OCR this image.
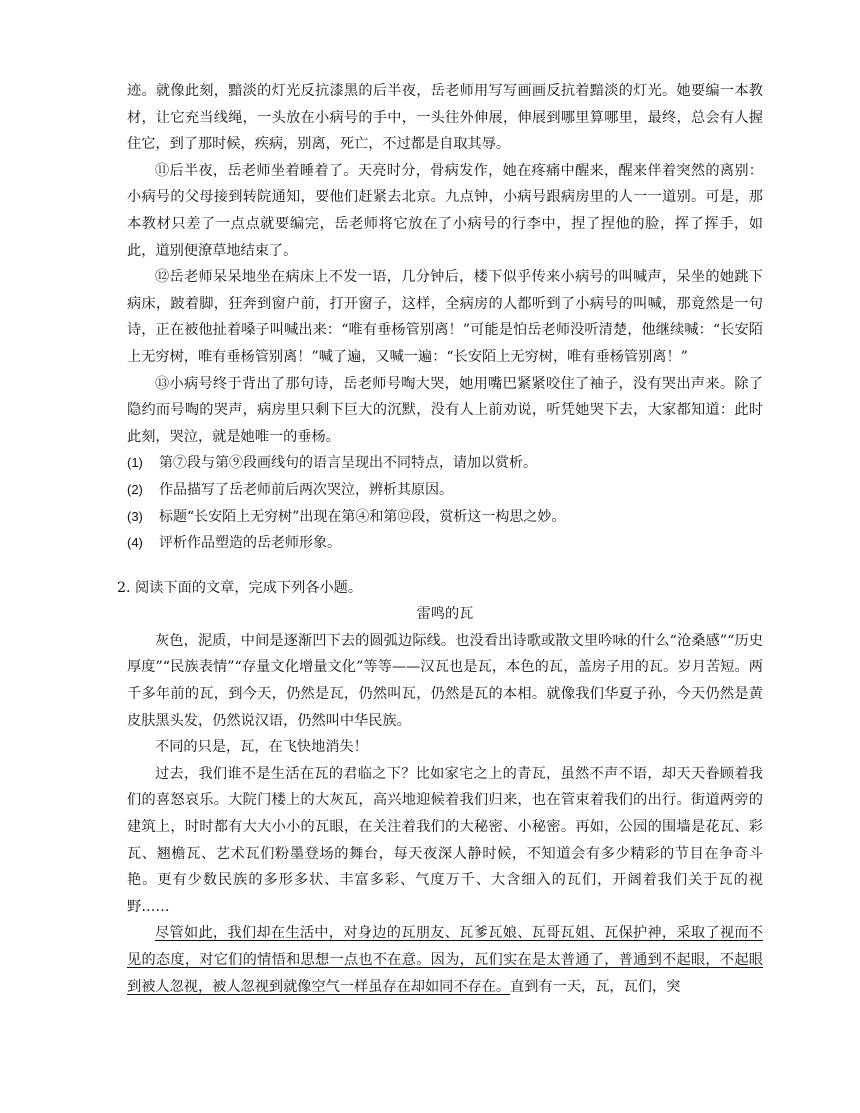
迹。就像此刻，黯淡的灯光反抗漆黑的后半夜，岳老师用写写画画反抗着黯淡的灯光。她要编一本教材，让它充当线绳，一头放在小病号的手中，一头往外伸展，伸展到哪里算哪里，最终，总会有人握住它，到了那时候，疾病，别离，死亡，不过都是自取其辱。

⑪后半夜，岳老师坐着睡着了。天亮时分，骨病发作，她在疼痛中醒来，醒来伴着突然的离别：小病号的父母接到转院通知，要他们赶紧去北京。九点钟，小病号跟病房里的人一一道别。可是，那本教材只差了一点点就要编完，岳老师将它放在了小病号的行李中，捏了捏他的脸，挥了挥手，如此，道别便潦草地结束了。

⑫岳老师呆呆地坐在病床上不发一语，几分钟后，楼下似乎传来小病号的叫喊声，呆坐的她跳下病床，跛着脚，狂奔到窗户前，打开窗子，这样，全病房的人都听到了小病号的叫喊，那竟然是一句诗，正在被他扯着嗓子叫喊出来：“唯有垂杨管别离！”可能是怕岳老师没听清楚，他继续喊：“长安陌上无穷树，唯有垂杨管别离！”喊了遍，又喊一遍：“长安陌上无穷树，唯有垂杨管别离！”

⑬小病号终于背出了那句诗，岳老师号啕大哭，她用嘴巴紧紧咬住了袖子，没有哭出声来。除了隐约而号啕的哭声，病房里只剩下巨大的沉默，没有人上前劝说，听凭她哭下去，大家都知道：此时此刻，哭泣，就是她唯一的垂杨。

(1)	第⑦段与第⑨段画线句的语言呈现出不同特点，请加以赏析。

(2)	作品描写了岳老师前后两次哭泣，辨析其原因。

(3)	标题“长安陌上无穷树”出现在第④和第⑫段，赏析这一构思之妙。

(4)	评析作品塑造的岳老师形象。

2. 阅读下面的文章，完成下列各小题。

雷鸣的瓦

灰色，泥质，中间是逐渐凹下去的圆弧边际线。也没看出诗歌或散文里吟咏的什么“沧桑感”“历史厚度”“民族表情”“存量文化增量文化”等等——汉瓦也是瓦，本色的瓦，盖房子用的瓦。岁月苦短。两千多年前的瓦，到今天，仍然是瓦，仍然叫瓦，仍然是瓦的本相。就像我们华夏子孙，今天仍然是黄皮肤黑头发，仍然说汉语，仍然叫中华民族。

不同的只是，瓦，在飞快地消失！

过去，我们谁不是生活在瓦的君临之下？比如家宅之上的青瓦，虽然不声不语，却天天眷顾着我们的喜怒哀乐。大院门楼上的大灰瓦，高兴地迎候着我们归来，也在管束着我们的出行。街道两旁的建筑上，时时都有大大小小的瓦眼，在关注着我们的大秘密、小秘密。再如，公园的围墙是花瓦、彩瓦、翘檐瓦、艺术瓦们粉墨登场的舞台，每天夜深人静时候，不知道会有多少精彩的节目在争奇斗艳。更有少数民族的多形多状、丰富多彩、气度万千、大含细入的瓦们，开阔着我们关于瓦的视野……

尽管如此，我们却在生活中，对身边的瓦朋友、瓦爹瓦娘、瓦哥瓦姐、瓦保护神，采取了视而不见的态度，对它们的情悟和思想一点也不在意。因为，瓦们实在是太普通了，普通到不起眼，不起眼到被人忽视，被人忽视到就像空气一样虽存在却如同不存在。直到有一天，瓦，瓦们，突
